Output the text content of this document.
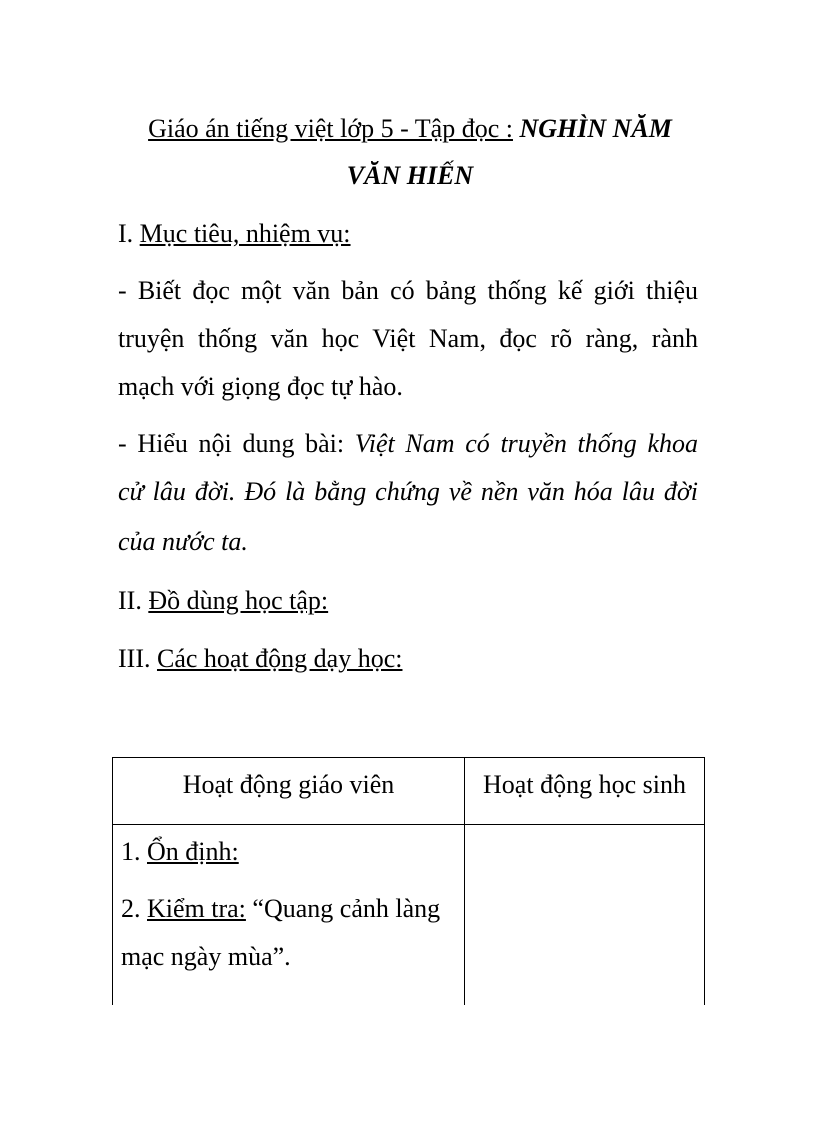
Giáo án tiếng việt lớp 5 - Tập đọc : NGHÌN NĂM
VĂN HIẾN
I. Mục tiêu, nhiệm vụ:
- Biết đọc một văn bản có bảng thống kế giới thiệu
truyện thống văn học Việt Nam, đọc rõ ràng, rành
mạch với giọng đọc tự hào.
- Hiểu nội dung bài: Việt Nam có truyền thống khoa
cử lâu đời. Đó là bằng chứng về nền văn hóa lâu đời
của nước ta.
II. Đồ dùng học tập:
III. Các hoạt động dạy học:
Hoạt động giáo viên	Hoạt động học sinh

1. Ổn định:
2. Kiểm tra: “Quang cảnh làng
mạc ngày mùa”.	
